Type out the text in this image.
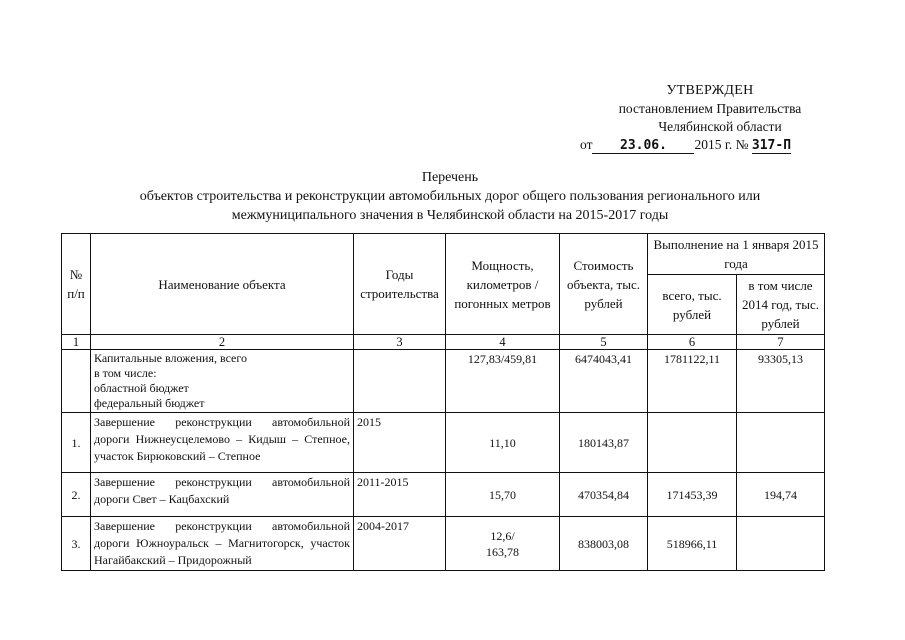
УТВЕРЖДЕН
постановлением Правительства
Челябинской области
от 23.06. 2015 г. № 317-П
Перечень
объектов строительства и реконструкции автомобильных дорог общего пользования регионального или
межмуниципального значения в Челябинской области на 2015-2017 годы
№ п/п	Наименование объекта	Годы строительства	Мощность, километров / погонных метров	Стоимость объекта, тыс. рублей	Выполнение на 1 января 2015 года	
					всего, тыс. рублей	в том числе 2014 год, тыс. рублей
1	2	3	4	5	6	7

	Капитальные вложения, всего
в том числе:
областной бюджет
федеральный бюджет		127,83/459,81	6474043,41	1781122,11	93305,13
1.	Завершение реконструкции автомобильной дороги Нижнеусцелемово – Кидыш – Степное, участок Бирюковский – Степное	2015	11,10	180143,87		
2.	Завершение реконструкции автомобильной дороги Свет – Кацбахский	2011-2015	15,70	470354,84	171453,39	194,74
3.	Завершение реконструкции автомобильной дороги Южноуральск – Магнитогорск, участок Нагайбакский – Придорожный	2004-2017	12,6/
163,78	838003,08	518966,11	
